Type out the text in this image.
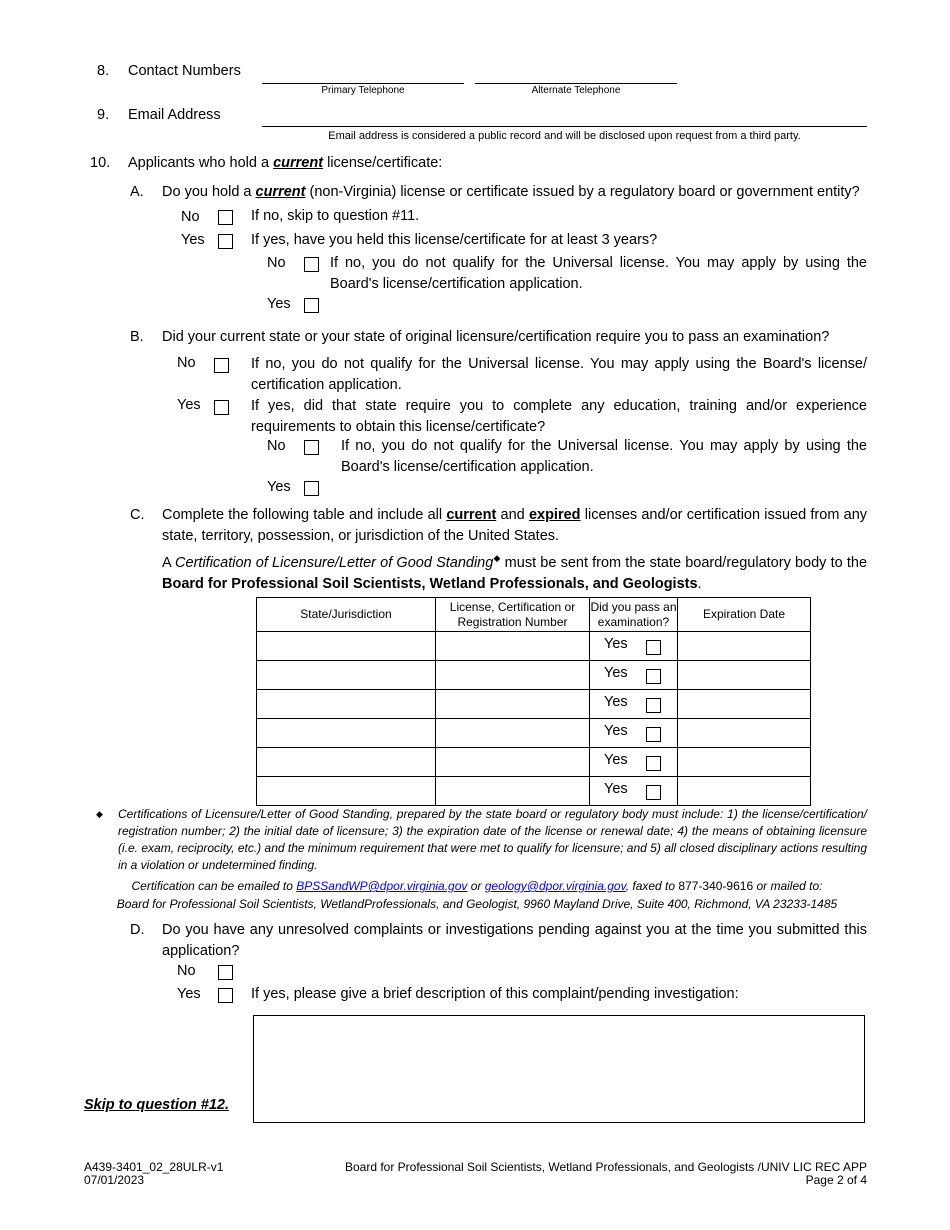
8. Contact Numbers
Primary Telephone	Alternate Telephone
9. Email Address
Email address is considered a public record and will be disclosed upon request from a third party.
10. Applicants who hold a current license/certificate:
A. Do you hold a current (non-Virginia) license or certificate issued by a regulatory board or government entity?
No	If no, skip to question #11.
Yes	If yes, have you held this license/certificate for at least 3 years?
No	If no, you do not qualify for the Universal license. You may apply by using the Board's license/certification application.
Yes
B. Did your current state or your state of original licensure/certification require you to pass an examination?
No	If no, you do not qualify for the Universal license. You may apply using the Board's license/ certification application.
Yes	If yes, did that state require you to complete any education, training and/or experience requirements to obtain this license/certificate?
No	If no, you do not qualify for the Universal license. You may apply by using the Board's license/certification application.
Yes
C. Complete the following table and include all current and expired licenses and/or certification issued from any state, territory, possession, or jurisdiction of the United States.
A Certification of Licensure/Letter of Good Standing◆ must be sent from the state board/regulatory body to the Board for Professional Soil Scientists, Wetland Professionals, and Geologists.
State/Jurisdiction	License, Certification or Registration Number	Did you pass an examination?	Expiration Date

		Yes	

		Yes	

		Yes	

		Yes	

		Yes	

		Yes	

◆ Certifications of Licensure/Letter of Good Standing, prepared by the state board or regulatory body must include: 1) the license/certification/ registration number; 2) the initial date of licensure; 3) the expiration date of the license or renewal date; 4) the means of obtaining licensure (i.e. exam, reciprocity, etc.) and the minimum requirement that were met to qualify for licensure; and 5) all closed disciplinary actions resulting in a violation or undetermined finding.
Certification can be emailed to BPSSandWP@dpor.virginia.gov or geology@dpor.virginia.gov, faxed to 877-340-9616 or mailed to:
Board for Professional Soil Scientists, WetlandProfessionals, and Geologist, 9960 Mayland Drive, Suite 400, Richmond, VA 23233-1485
D. Do you have any unresolved complaints or investigations pending against you at the time you submitted this application?
No
Yes	If yes, please give a brief description of this complaint/pending investigation:
Skip to question #12.
A439-3401_02_28ULR-v1
07/01/2023
Board for Professional Soil Scientists, Wetland Professionals, and Geologists /UNIV LIC REC APP
Page 2 of 4
